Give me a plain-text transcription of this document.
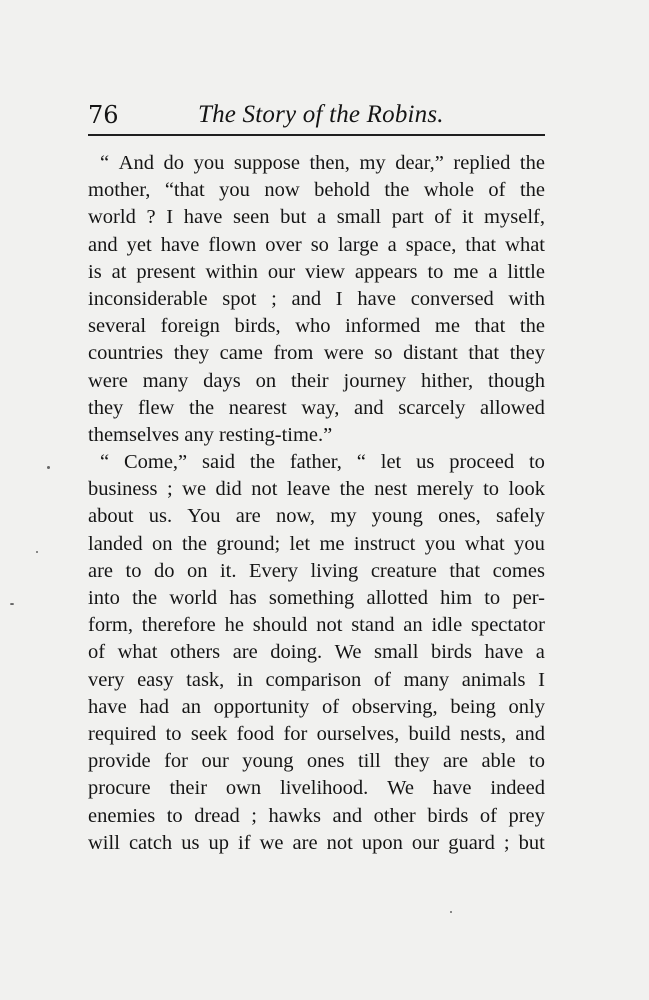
76	The Story of the Robins.
“ And do you suppose then, my dear,” replied the
mother, “that you now behold the whole of the
world ? I have seen but a small part of it myself,
and yet have flown over so large a space, that what
is at present within our view appears to me a little
inconsiderable spot ; and I have conversed with
several foreign birds, who informed me that the
countries they came from were so distant that they
were many days on their journey hither, though
they flew the nearest way, and scarcely allowed
themselves
any
resting-time.”
“ Come,” said the father, “ let us proceed to
business ; we did not leave the nest merely to look
about us. You are now, my young ones, safely
landed on the ground; let me instruct you what you
are to do on it. Every living creature that comes
into the world has something allotted him to per-
form, therefore he should not stand an idle spectator
of what others are doing. We small birds have a
very easy task, in comparison of many animals I
have had an opportunity of observing, being only
required to seek food for ourselves, build nests, and
provide for our young ones till they are able to
procure their own livelihood. We have indeed
enemies to dread ; hawks and other birds of prey
will catch us up if we are not upon our guard ; but
